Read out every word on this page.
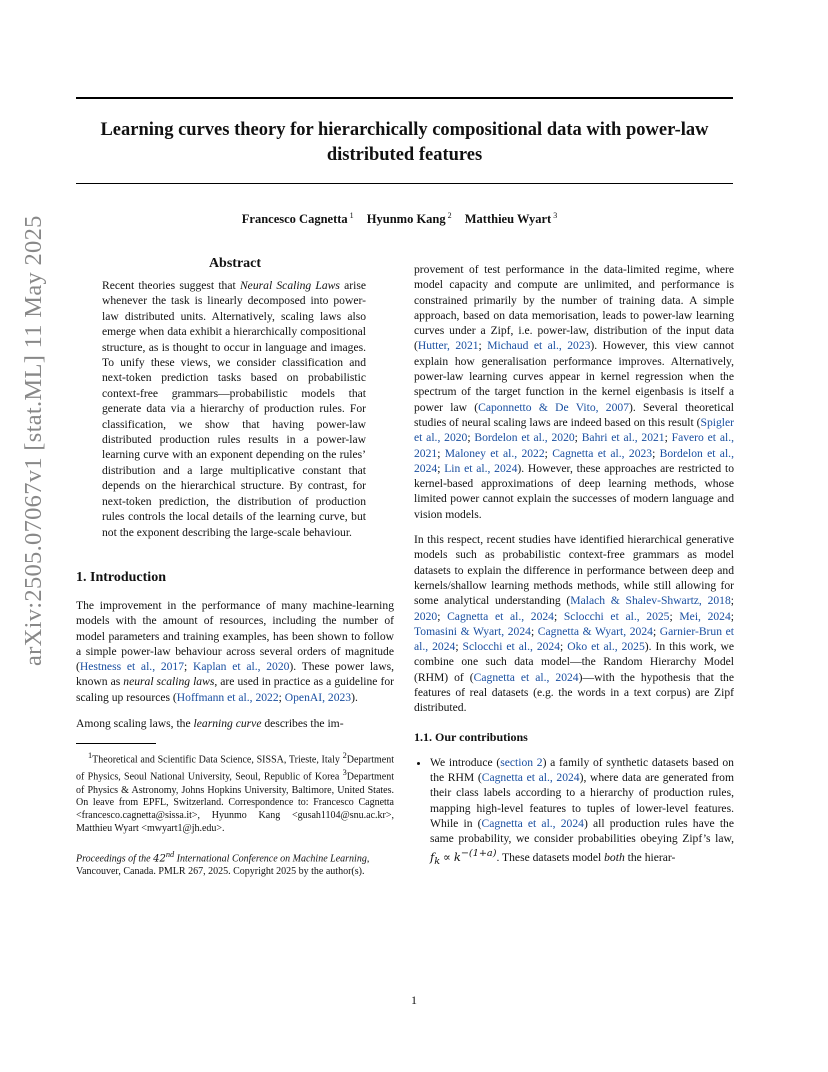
Learning curves theory for hierarchically compositional data with power-law distributed features
Francesco Cagnetta $^1$ Hyunmo Kang $^2$ Matthieu Wyart $^3$
arXiv:2505.07067v1 [stat.ML] 11 May 2025	Abstract
Recent theories suggest that Neural Scaling Laws arise whenever the task is linearly decomposed into power-law distributed units. Alternatively, scaling laws also emerge when data exhibit a hierarchically compositional structure, as is thought to occur in language and images. To unify these views, we consider classification and next-token prediction tasks based on probabilistic context-free grammars—probabilistic models that generate data via a hierarchy of production rules. For classification, we show that having power-law distributed production rules results in a power-law learning curve with an exponent depending on the rules’ distribution and a large multiplicative constant that depends on the hierarchical structure. By contrast, for next-token prediction, the distribution of production rules controls the local details of the learning curve, but not the exponent describing the large-scale behaviour.
1. Introduction

The improvement in the performance of many machine-learning models with the amount of resources, including the number of model parameters and training examples, has been shown to follow a simple power-law behaviour across several orders of magnitude (Hestness et al., 2017; Kaplan et al., 2020). These power laws, known as neural scaling laws, are used in practice as a guideline for scaling up resources (Hoffmann et al., 2022; OpenAI, 2023).

Among scaling laws, the learning curve describes the im-

$^1$Theoretical and Scientific Data Science, SISSA, Trieste, Italy $^2$Department of Physics, Seoul National University, Seoul, Republic of Korea $^3$Department of Physics & Astronomy, Johns Hopkins University, Baltimore, United States. On leave from EPFL, Switzerland. Correspondence to: Francesco Cagnetta <francesco.cagnetta@sissa.it>, Hyunmo Kang <gusah1104@snu.ac.kr>, Matthieu Wyart <mwyart1@jh.edu>.
Proceedings of the 42nd International Conference on Machine Learning, Vancouver, Canada. PMLR 267, 2025. Copyright 2025 by the author(s).

provement of test performance in the data-limited regime, where model capacity and compute are unlimited, and performance is constrained primarily by the number of training data. A simple approach, based on data memorisation, leads to power-law learning curves under a Zipf, i.e. power-law, distribution of the input data (Hutter, 2021; Michaud et al., 2023). However, this view cannot explain how generalisation performance improves. Alternatively, power-law learning curves appear in kernel regression when the spectrum of the target function in the kernel eigenbasis is itself a power law (Caponnetto & De Vito, 2007). Several theoretical studies of neural scaling laws are indeed based on this result (Spigler et al., 2020; Bordelon et al., 2020; Bahri et al., 2021; Favero et al., 2021; Maloney et al., 2022; Cagnetta et al., 2023; Bordelon et al., 2024; Lin et al., 2024). However, these approaches are restricted to kernel-based approximations of deep learning methods, whose limited power cannot explain the successes of modern language and vision models.

In this respect, recent studies have identified hierarchical generative models such as probabilistic context-free grammars as model datasets to explain the difference in performance between deep and kernels/shallow learning methods methods, while still allowing for some analytical understanding (Malach & Shalev-Shwartz, 2018; 2020; Cagnetta et al., 2024; Sclocchi et al., 2025; Mei, 2024; Tomasini & Wyart, 2024; Cagnetta & Wyart, 2024; Garnier-Brun et al., 2024; Sclocchi et al., 2024; Oko et al., 2025). In this work, we combine one such data model—the Random Hierarchy Model (RHM) of (Cagnetta et al., 2024)—with the hypothesis that the features of real datasets (e.g. the words in a text corpus) are Zipf distributed.

1.1. Our contributions
• We introduce (section 2) a family of synthetic datasets based on the RHM (Cagnetta et al., 2024), where data are generated from their class labels according to a hierarchy of production rules, mapping high-level features to tuples of lower-level features. While in (Cagnetta et al., 2024) all production rules have the same probability, we consider probabilities obeying Zipf’s law, $f_k \propto k^{-(1+a)}$. These datasets model both the hierar-
1
